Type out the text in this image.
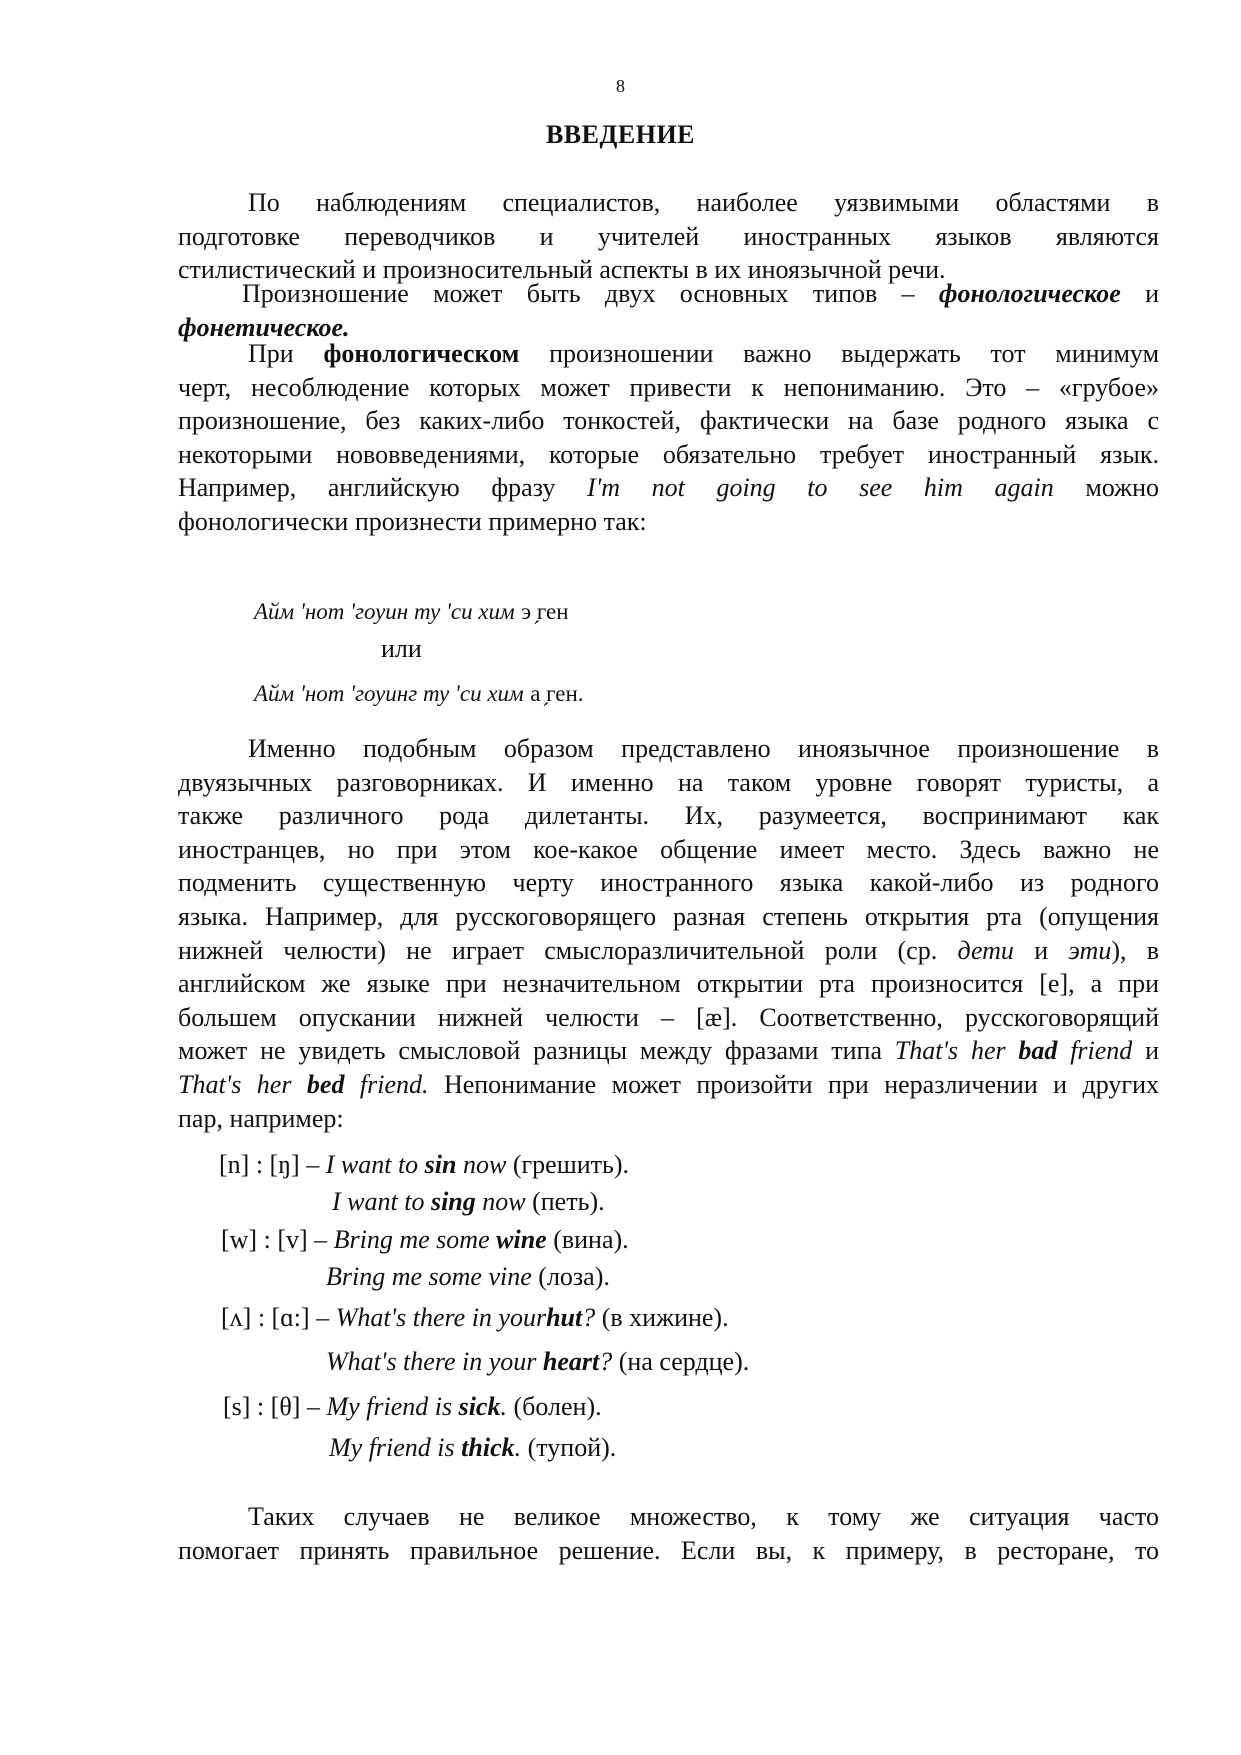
8
ВВЕДЕНИЕ
По наблюдениям специалистов, наиболее уязвимыми областями в
подготовке переводчиков и учителей иностранных языков являются
стилистический и произносительный аспекты в их иноязычной речи.
Произношение может быть двух основных типов – фонологическое и
фонетическое.
При фонологическом произношении важно выдержать тот минимум
черт, несоблюдение которых может привести к непониманию. Это – «грубое»
произношение, без каких-либо тонкостей, фактически на базе родного языка с
некоторыми нововведениями, которые обязательно требует иностранный язык.
Например, английскую фразу I'm not going to see him again можно
фонологически произнести примерно так:
Айм 'нот 'гоуин ту 'си хим э ̗ген
или
Айм 'нот 'гоуинг ту 'си хим а ̗ген.
Именно подобным образом представлено иноязычное произношение в
двуязычных разговорниках. И именно на таком уровне говорят туристы, а
также различного рода дилетанты. Их, разумеется, воспринимают как
иностранцев, но при этом кое-какое общение имеет место. Здесь важно не
подменить существенную черту иностранного языка какой-либо из родного
языка. Например, для русскоговорящего разная степень открытия рта (опущения
нижней челюсти) не играет смыслоразличительной роли (ср. дети и эти), в
английском же языке при незначительном открытии рта произносится [e], а при
большем опускании нижней челюсти – [æ]. Соответственно, русскоговорящий
может не увидеть смысловой разницы между фразами типа That's her bad friend и
That's her bed friend. Непонимание может произойти при неразличении и других
пар, например:
[n] : [ŋ] – I want to sin now (грешить).
I want to sing now (петь).
[w] : [v] – Bring me some wine (вина).
Bring me some vine (лоза).
[ʌ] : [ɑ:] – What's there in yourhut? (в хижине).
What's there in your heart? (на сердце).
[s] : [θ] – My friend is sick. (болен).
My friend is thick. (тупой).
Таких случаев не великое множество, к тому же ситуация часто
помогает принять правильное решение. Если вы, к примеру, в ресторане, то
